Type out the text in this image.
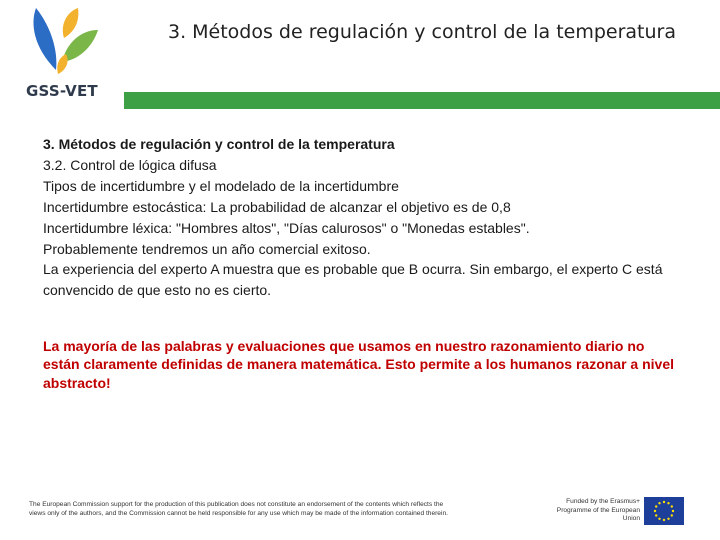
GSS-VET
3. Métodos de regulación y control de la temperatura

3. Métodos de regulación y control de la temperatura

3.2. Control de lógica difusa

Tipos de incertidumbre y el modelado de la incertidumbre

Incertidumbre estocástica: La probabilidad de alcanzar el objetivo es de 0,8

Incertidumbre léxica: "Hombres altos", "Días calurosos" o "Monedas estables".

Probablemente tendremos un año comercial exitoso.

La experiencia del experto A muestra que es probable que B ocurra. Sin embargo, el experto C está convencido de que esto no es cierto.

La mayoría de las palabras y evaluaciones que usamos en nuestro razonamiento diario no están claramente definidas de manera matemática. Esto permite a los humanos razonar a nivel abstracto!
The European Commission support for the production of this publication does not constitute an endorsement of the contents which reflects the views only of the authors, and the Commission cannot be held responsible for any use which may be made of the information contained therein.
Funded by the Erasmus+ Programme of the European Union
